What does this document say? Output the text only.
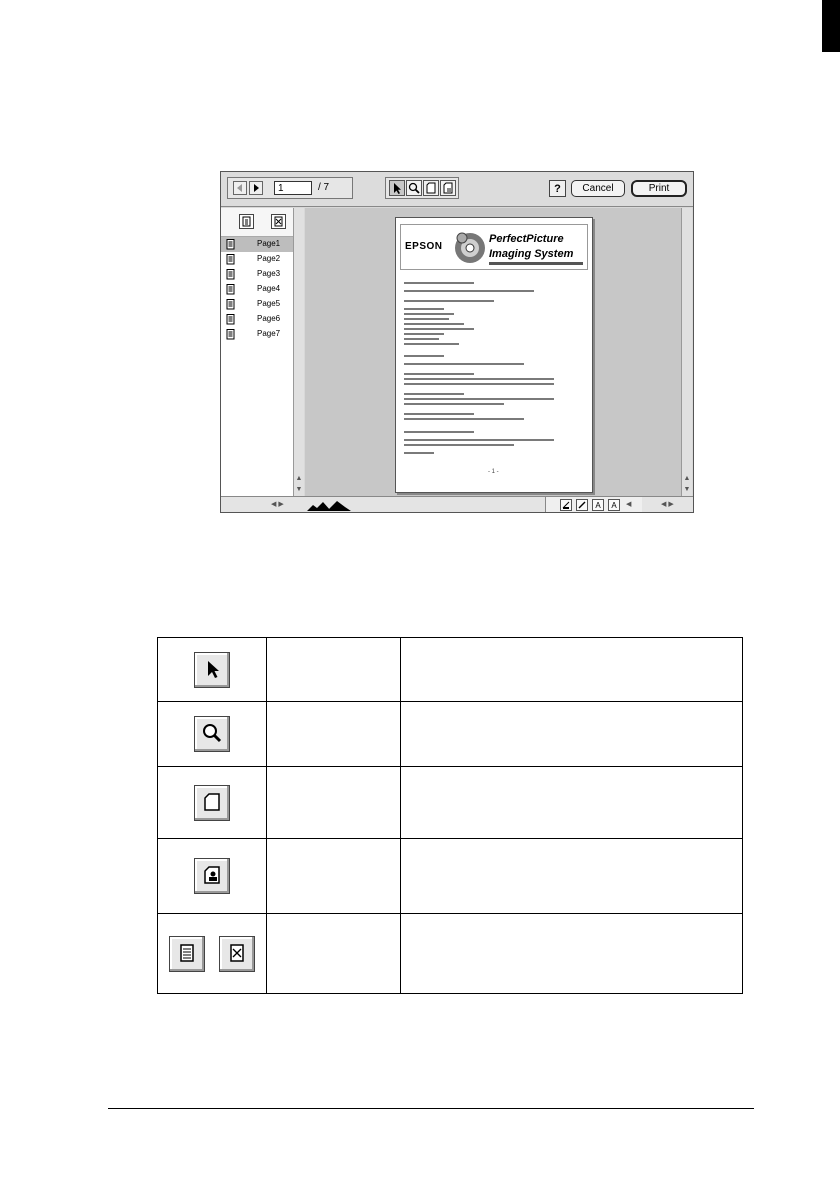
1	/ 7	?	Cancel	Print
Page1
Page2
Page3
Page4
Page5
Page6
Page7
▲
▼
EPSON
PerfectPicture
Imaging System
- 1 -
▲
▼
◀ ▶	A	A	◀	◀ ▶
